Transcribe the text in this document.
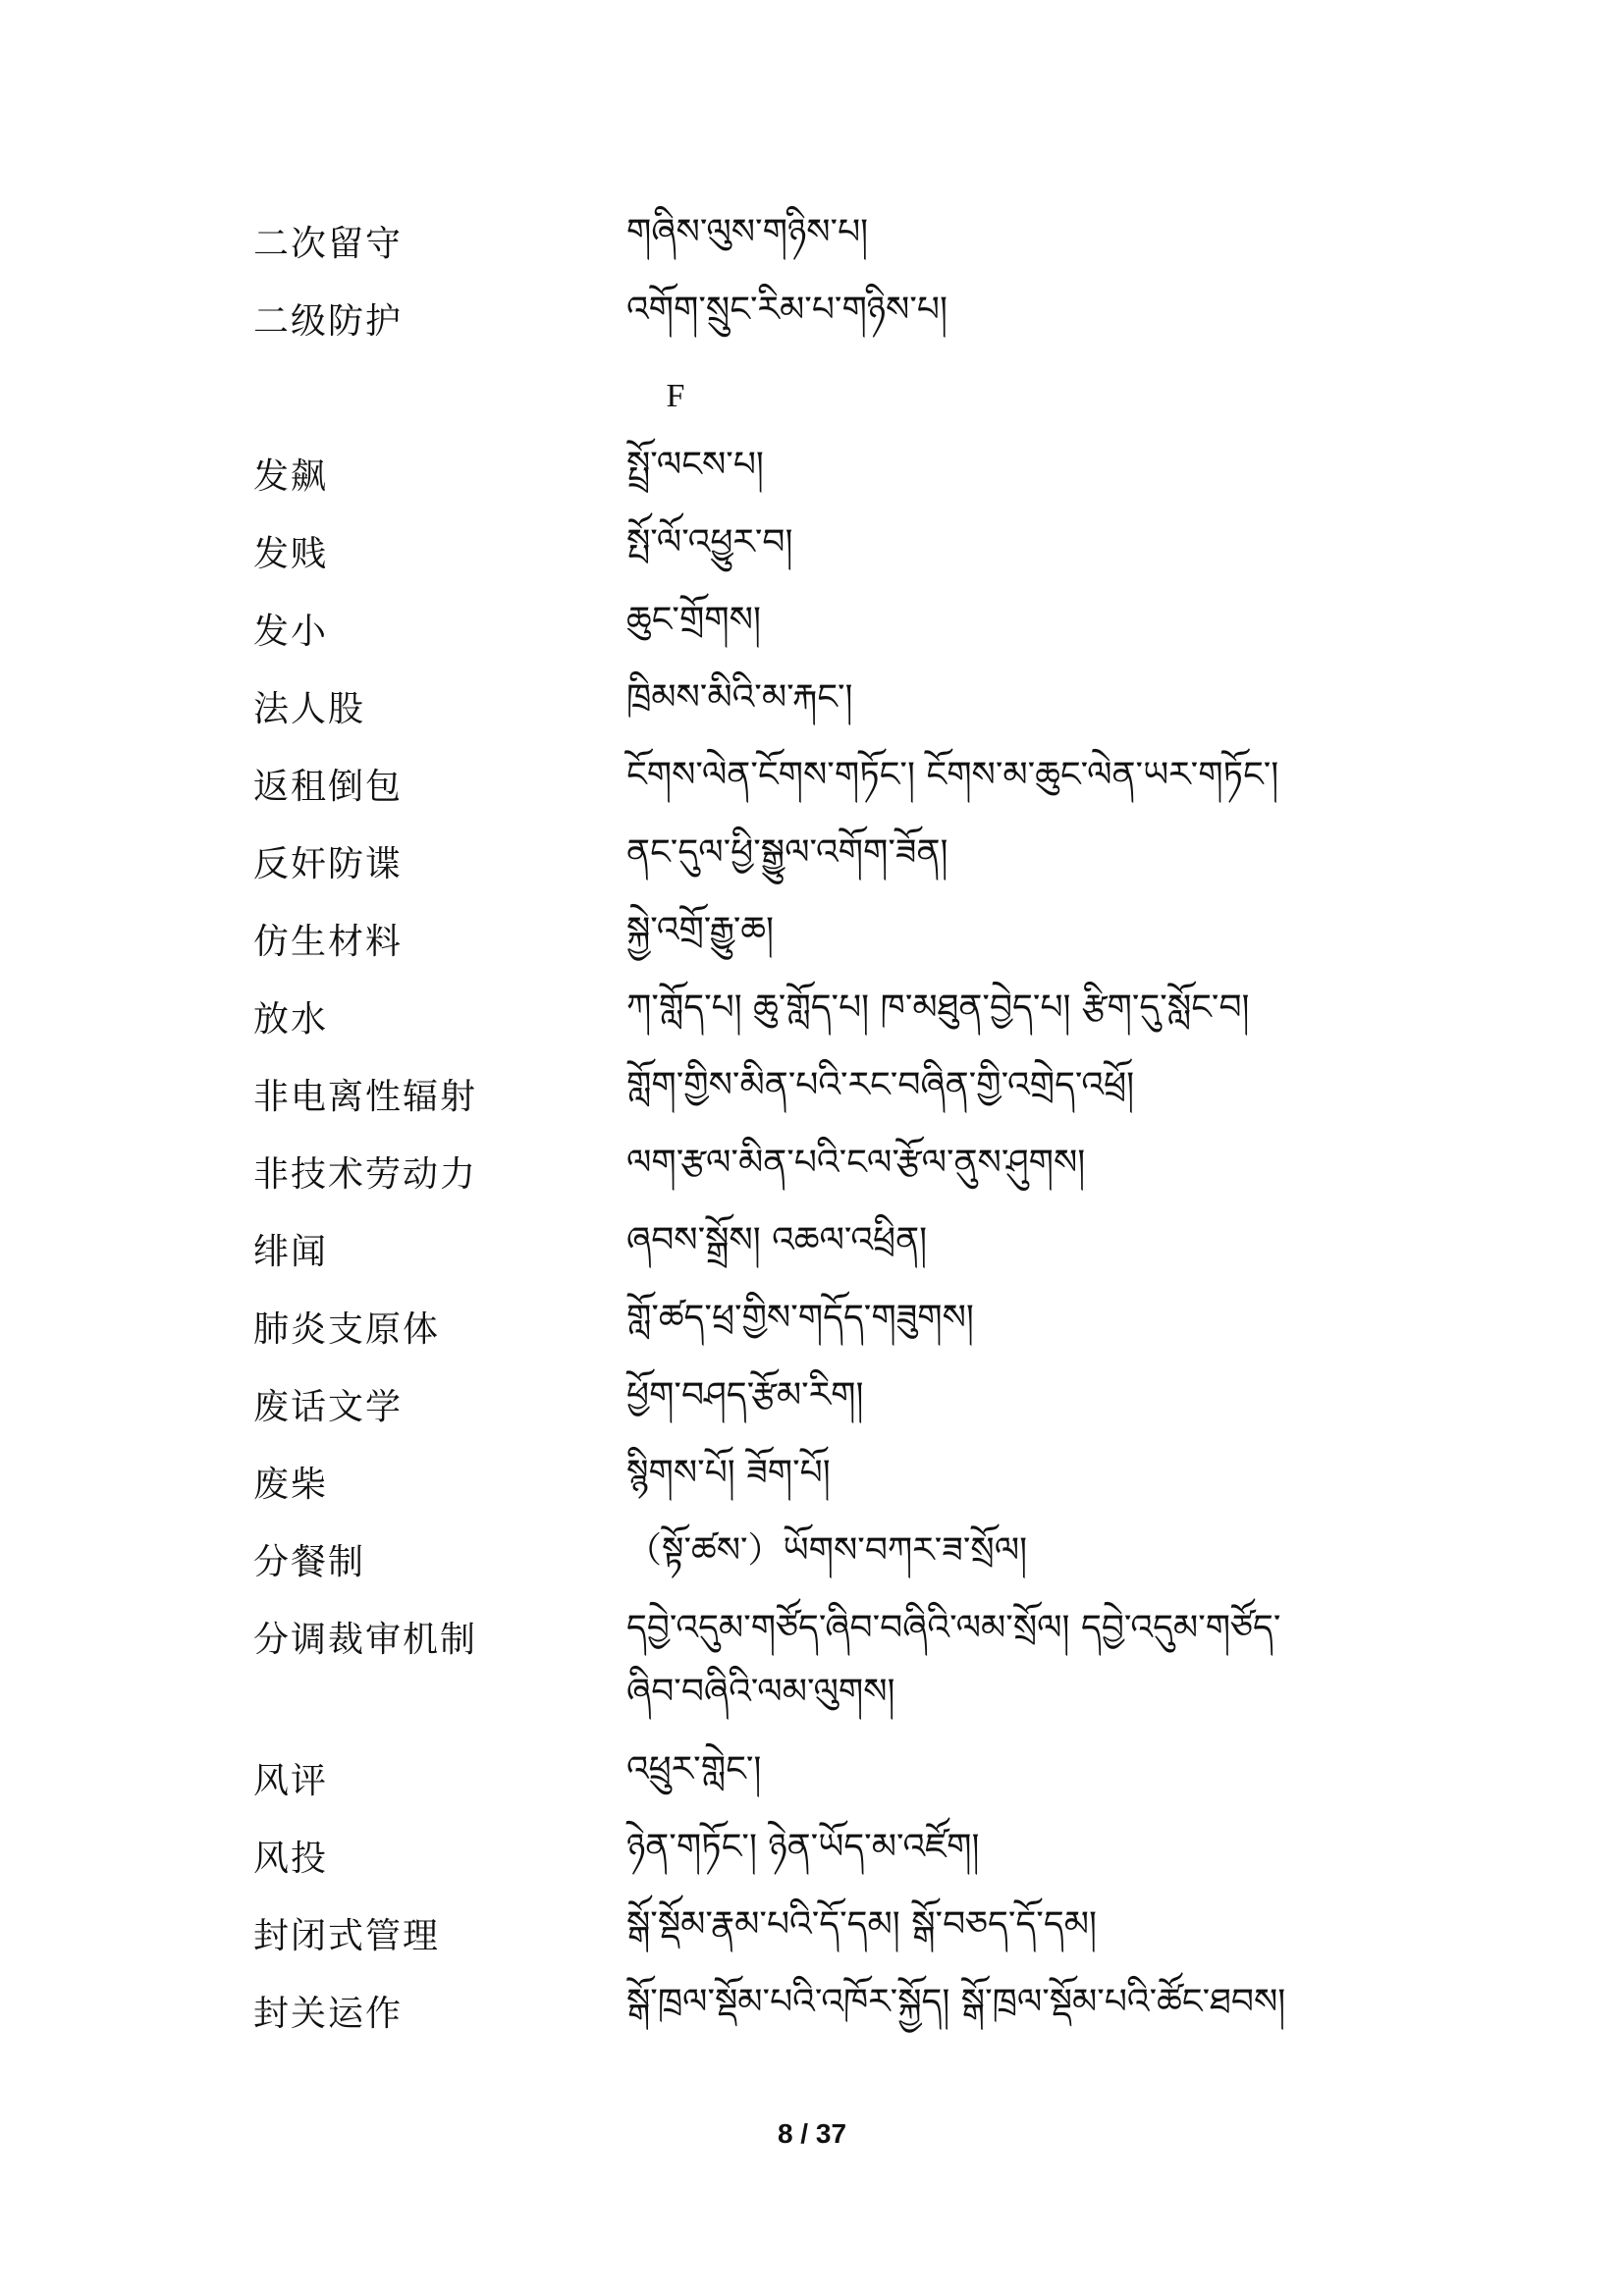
二次留守	གཞིས་ལུས་གཉིས་པ།
二级防护	འགོག་སྲུང་རིམ་པ་གཉིས་པ།
F
发飙	སྤྲོ་ལངས་པ།
发贱	སྤོ་ལོ་འཕྱུར་བ།
发小	ཆུང་གྲོགས།
法人股	ཁྲིམས་མིའི་མ་རྐང་།
返租倒包	ངོགས་ལེན་ངོགས་གཏོང་། ངོགས་མ་ཆུང་ལེན་ཡར་གཏོང་།
反奸防谍	ནང་དུལ་ཕྱི་སྒྱུལ་འགོག་ཟོན།
仿生材料	སྐྱེ་འགྲོ་རྒྱུ་ཆ།
放水	ཀ་གློད་པ། ཆུ་གློད་པ། ཁ་མཐུན་བྱེད་པ། རྩིག་དུ་སློང་བ།
非电离性辐射	གློག་གྱིས་མིན་པའི་རང་བཞིན་གྱི་འགྲེད་འཕྲོ།
非技术劳动力	ལག་རྩལ་མིན་པའི་ངལ་རྩོལ་ནུས་ཤུགས།
绯闻	ཞབས་སྒྲོས། འཆལ་འཕྲིན།
肺炎支原体	གློ་ཚད་ཕྲ་གྱིས་གདོད་གཟུགས།
废话文学	ཕྱོག་བཤད་རྩོམ་རིག།
废柴	སྙིགས་པོ། ཟོག་པོ།
分餐制	（སྟོ་ཚས་）ཡོགས་བཀར་ཟ་སྲོལ།
分调裁审机制	དབྱེ་འདུམ་གཙོད་ཞིབ་བཞིའི་ལམ་སྲོལ། དབྱེ་འདུམ་གཙོད་
ཞིབ་བཞིའི་ལམ་ལུགས།
风评	འཕྲུར་གླེང་།
风投	ཉེན་གཏོང་། ཉེན་ཡོད་མ་འཛོག།
封闭式管理	སྒོ་སྡོམ་རྣམ་པའི་དོ་དམ། སྒོ་བཅད་དོ་དམ།
封关运作	སྒོ་ཁྲལ་སྡོམ་པའི་འཁོར་སྐྱོད། སྒོ་ཁྲལ་སྡོམ་པའི་ཚོང་ཐབས།
8 / 37
